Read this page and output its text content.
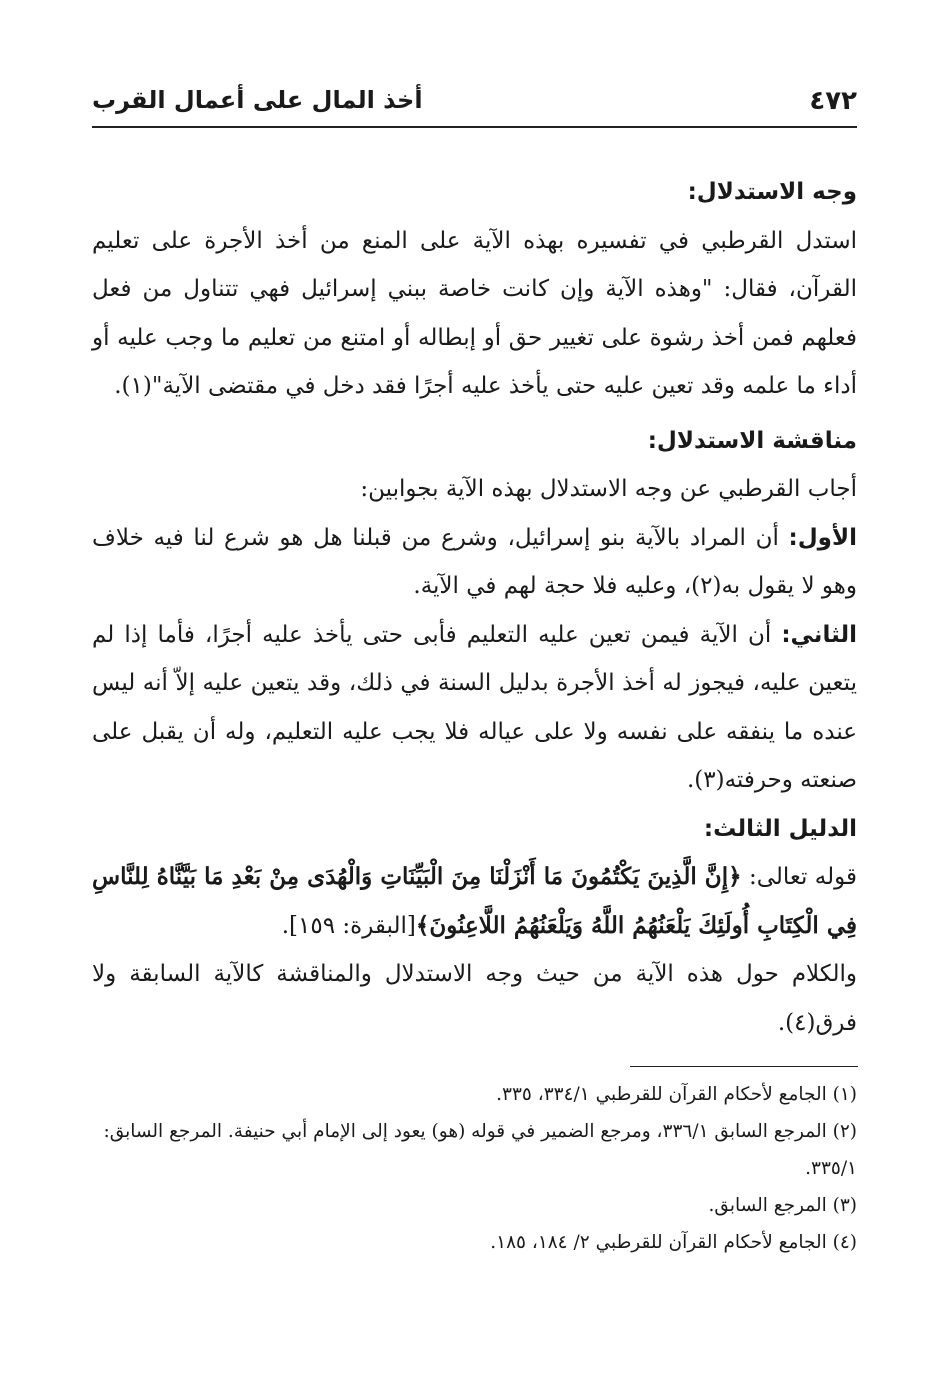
٤٧٢
أخذ المال على أعمال القرب

وجه الاستدلال:

استدل القرطبي في تفسيره بهذه الآية على المنع من أخذ الأجرة على تعليم القرآن، فقال: "وهذه الآية وإن كانت خاصة ببني إسرائيل فهي تتناول من فعل فعلهم فمن أخذ رشوة على تغيير حق أو إبطاله أو امتنع من تعليم ما وجب عليه أو أداء ما علمه وقد تعين عليه حتى يأخذ عليه أجرًا فقد دخل في مقتضى الآية"(١).

مناقشة الاستدلال:

أجاب القرطبي عن وجه الاستدلال بهذه الآية بجوابين:

الأول: أن المراد بالآية بنو إسرائيل، وشرع من قبلنا هل هو شرع لنا فيه خلاف وهو لا يقول به(٢)، وعليه فلا حجة لهم في الآية.

الثاني: أن الآية فيمن تعين عليه التعليم فأبى حتى يأخذ عليه أجرًا، فأما إذا لم يتعين عليه، فيجوز له أخذ الأجرة بدليل السنة في ذلك، وقد يتعين عليه إلاّ أنه ليس عنده ما ينفقه على نفسه ولا على عياله فلا يجب عليه التعليم، وله أن يقبل على صنعته وحرفته(٣).

الدليل الثالث:

قوله تعالى: ﴿إِنَّ الَّذِينَ يَكْتُمُونَ مَا أَنْزَلْنَا مِنَ الْبَيِّنَاتِ وَالْهُدَى مِنْ بَعْدِ مَا بَيَّنَّاهُ لِلنَّاسِ فِي الْكِتَابِ أُولَئِكَ يَلْعَنُهُمُ اللَّهُ وَيَلْعَنُهُمُ اللَّاعِنُونَ﴾[البقرة: ١٥٩].

والكلام حول هذه الآية من حيث وجه الاستدلال والمناقشة كالآية السابقة ولا فرق(٤).

(١) الجامع لأحكام القرآن للقرطبي ٣٣٤/١، ٣٣٥.

(٢) المرجع السابق ٣٣٦/١، ومرجع الضمير في قوله (هو) يعود إلى الإمام أبي حنيفة. المرجع السابق: ٣٣٥/١.

(٣) المرجع السابق.

(٤) الجامع لأحكام القرآن للقرطبي ٢/ ١٨٤، ١٨٥.
